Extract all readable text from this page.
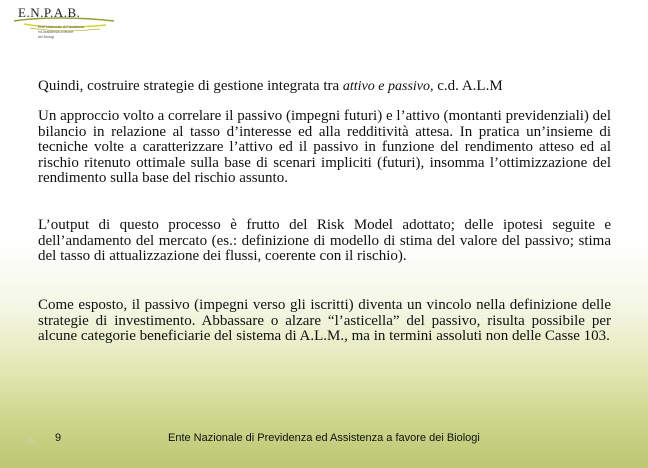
E.N.P.A.B.
Ente Nazionale di Previdenza
ed Assistenza a favore
dei Biologi
Quindi, costruire strategie di gestione integrata tra attivo e passivo, c.d. A.L.M
Un approccio volto a correlare il passivo (impegni futuri) e l’attivo (montanti previdenziali) del bilancio in relazione al tasso d’interesse ed alla redditività attesa. In pratica un’insieme di tecniche volte a caratterizzare l’attivo ed il passivo in funzione del rendimento atteso ed al rischio ritenuto ottimale sulla base di scenari impliciti (futuri), insomma l’ottimizzazione del rendimento sulla base del rischio assunto.
L’output di questo processo è frutto del Risk Model adottato; delle ipotesi seguite e dell’andamento del mercato (es.: definizione di modello di stima del valore del passivo; stima del tasso di attualizzazione dei flussi, coerente con il rischio).
Come esposto, il passivo (impegni verso gli iscritti) diventa un vincolo nella definizione delle strategie di investimento. Abbassare o alzare “l’asticella” del passivo, risulta possibile per alcune categorie beneficiarie del sistema di A.L.M., ma in termini assoluti non delle Casse 103.
9	Ente Nazionale di Previdenza ed Assistenza a favore dei Biologi
